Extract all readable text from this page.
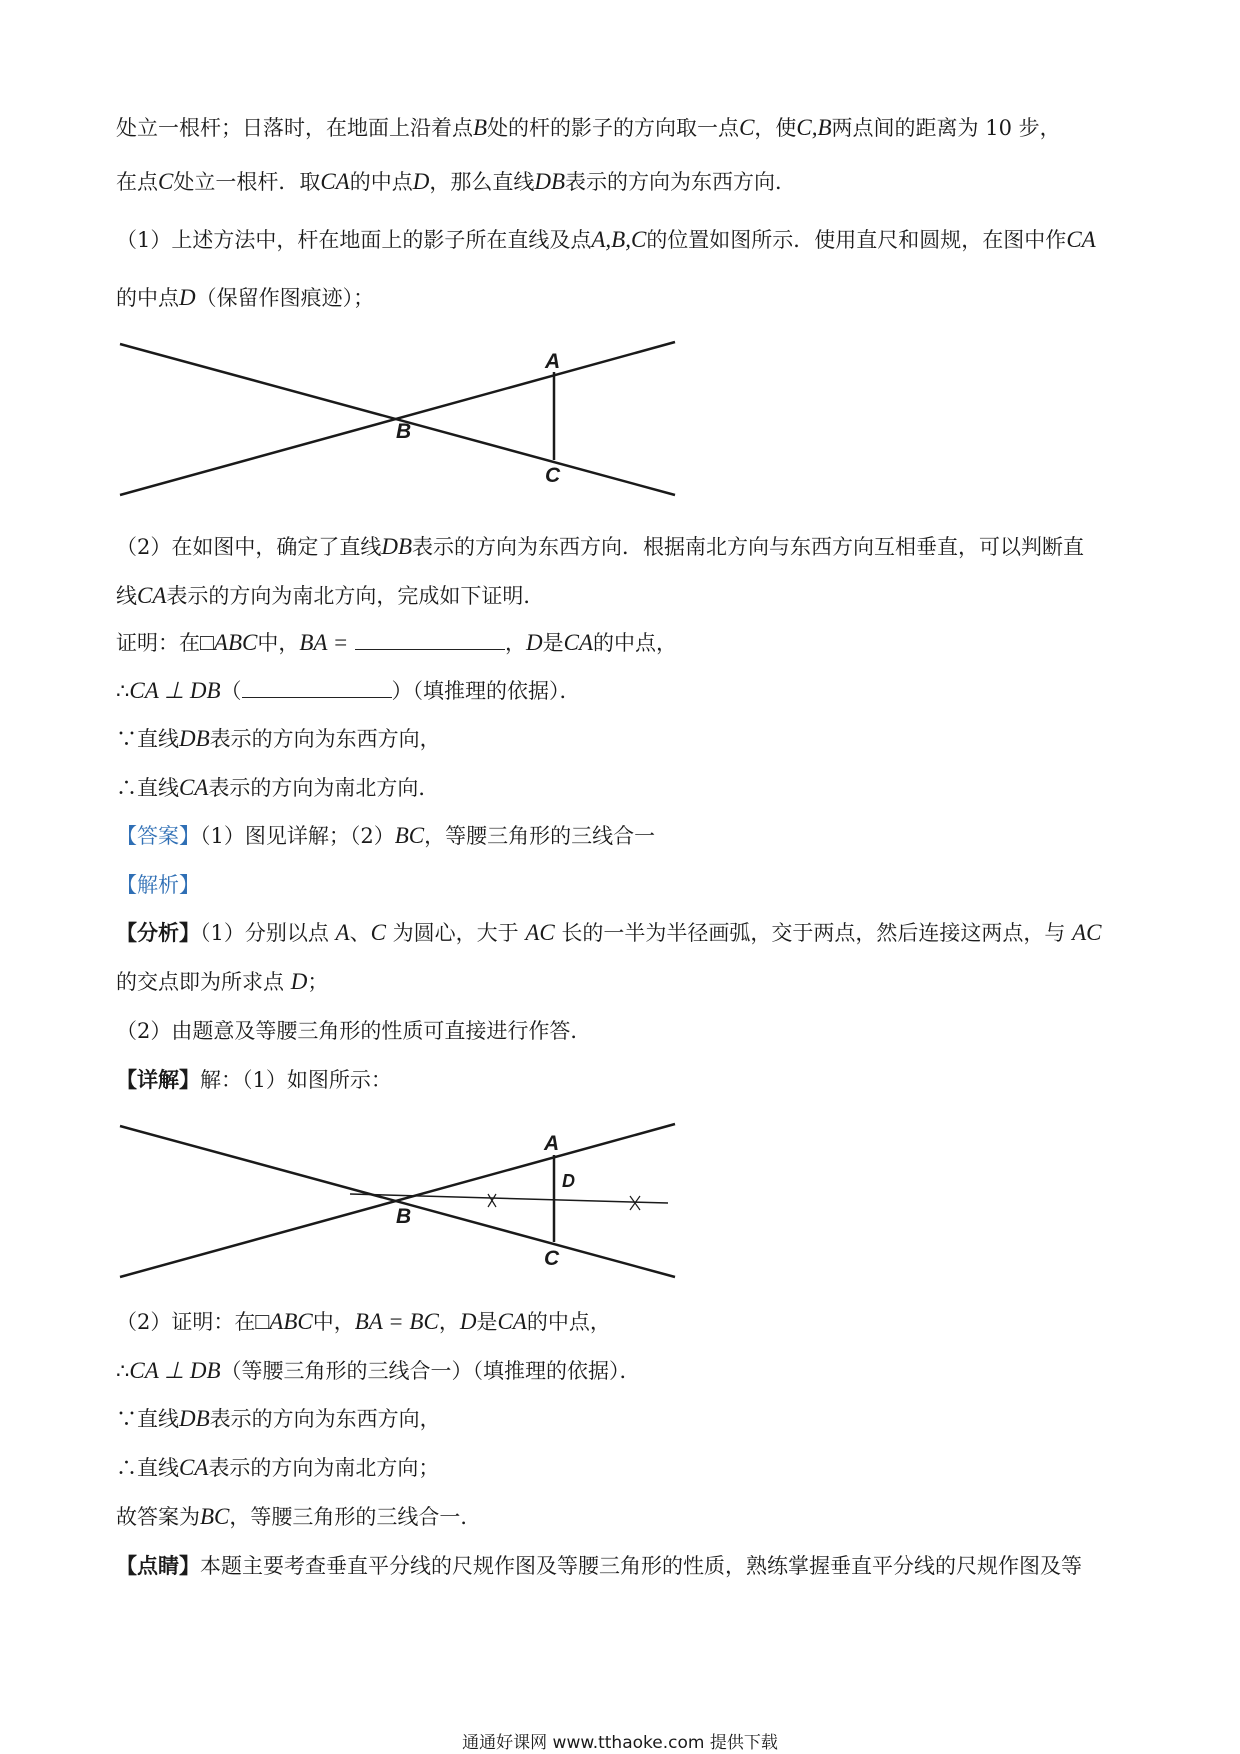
处立一根杆；日落时，在地面上沿着点B处的杆的影子的方向取一点C，使C,B两点间的距离为 10 步，
在点C处立一根杆．取CA的中点D，那么直线DB表示的方向为东西方向．
（1）上述方法中，杆在地面上的影子所在直线及点A,B,C的位置如图所示．使用直尺和圆规，在图中作CA
的中点D（保留作图痕迹）；
A
B
C
（2）在如图中，确定了直线DB表示的方向为东西方向．根据南北方向与东西方向互相垂直，可以判断直
线CA表示的方向为南北方向，完成如下证明．
证明：在□ABC中，BA =	，D是CA的中点，
∴CA ⊥ DB（	）（填推理的依据）．
∵直线DB表示的方向为东西方向，
∴直线CA表示的方向为南北方向．
【答案】（1）图见详解；（2）BC，等腰三角形的三线合一
【解析】
【分析】（1）分别以点 A、C 为圆心，大于 AC 长的一半为半径画弧，交于两点，然后连接这两点，与 AC
的交点即为所求点 D；
（2）由题意及等腰三角形的性质可直接进行作答．
【详解】解：（1）如图所示：
A
B
C
D
（2）证明：在□ABC中，BA = BC，D是CA的中点，
∴CA ⊥ DB（等腰三角形的三线合一）（填推理的依据）．
∵直线DB表示的方向为东西方向，
∴直线CA表示的方向为南北方向；
故答案为BC，等腰三角形的三线合一．
【点睛】本题主要考查垂直平分线的尺规作图及等腰三角形的性质，熟练掌握垂直平分线的尺规作图及等
通通好课网 www.tthaoke.com 提供下载
